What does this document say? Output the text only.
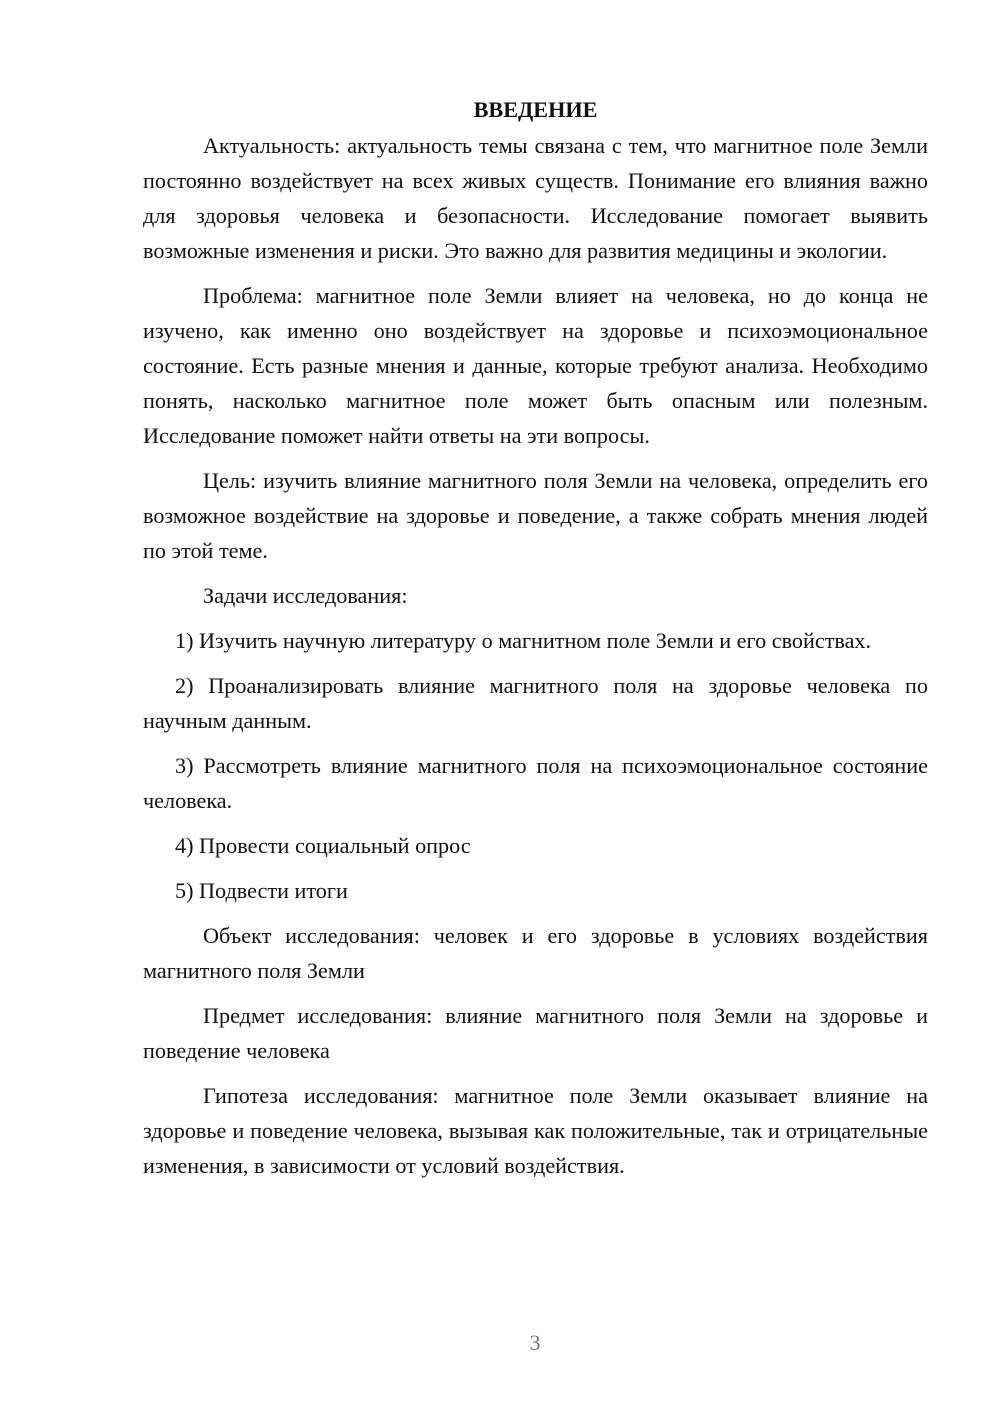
ВВЕДЕНИЕ

Актуальность: актуальность темы связана с тем, что магнитное поле Земли постоянно воздействует на всех живых существ. Понимание его влияния важно для здоровья человека и безопасности. Исследование помогает выявить возможные изменения и риски. Это важно для развития медицины и экологии.

Проблема: магнитное поле Земли влияет на человека, но до конца не изучено, как именно оно воздействует на здоровье и психоэмоциональное состояние. Есть разные мнения и данные, которые требуют анализа. Необходимо понять, насколько магнитное поле может быть опасным или полезным. Исследование поможет найти ответы на эти вопросы.

Цель: изучить влияние магнитного поля Земли на человека, определить его возможное воздействие на здоровье и поведение, а также собрать мнения людей по этой теме.

Задачи исследования:

1) Изучить научную литературу о магнитном поле Земли и его свойствах.

2) Проанализировать влияние магнитного поля на здоровье человека по научным данным.

3) Рассмотреть влияние магнитного поля на психоэмоциональное состояние человека.

4) Провести социальный опрос

5) Подвести итоги

Объект исследования: человек и его здоровье в условиях воздействия магнитного поля Земли

Предмет исследования: влияние магнитного поля Земли на здоровье и поведение человека

Гипотеза исследования: магнитное поле Земли оказывает влияние на здоровье и поведение человека, вызывая как положительные, так и отрицательные изменения, в зависимости от условий воздействия.

3
